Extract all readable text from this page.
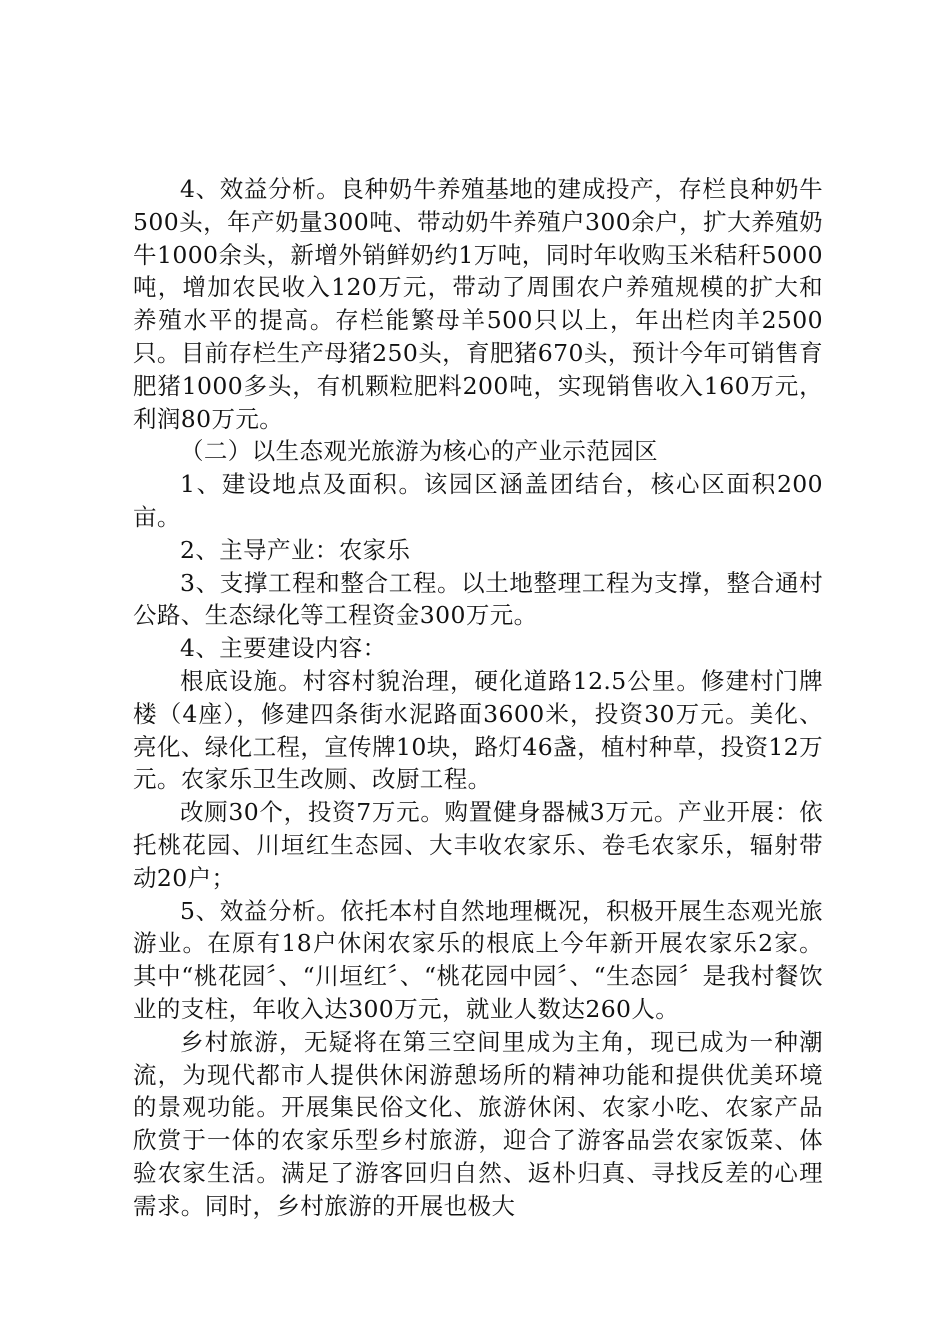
4、效益分析。良种奶牛养殖基地的建成投产，存栏良种奶牛500头，年产奶量300吨、带动奶牛养殖户300余户，扩大养殖奶牛1000余头，新增外销鲜奶约1万吨，同时年收购玉米秸秆5000吨，增加农民收入120万元，带动了周围农户养殖规模的扩大和养殖水平的提高。存栏能繁母羊500只以上，年出栏肉羊2500只。目前存栏生产母猪250头，育肥猪670头，预计今年可销售育肥猪1000多头，有机颗粒肥料200吨，实现销售收入160万元，利润80万元。

（二）以生态观光旅游为核心的产业示范园区

1、建设地点及面积。该园区涵盖团结台，核心区面积200亩。

2、主导产业：农家乐

3、支撑工程和整合工程。以土地整理工程为支撑，整合通村公路、生态绿化等工程资金300万元。

4、主要建设内容：

根底设施。村容村貌治理，硬化道路12.5公里。修建村门牌楼（4座），修建四条街水泥路面3600米，投资30万元。美化、亮化、绿化工程，宣传牌10块，路灯46盏，植村种草，投资12万元。农家乐卫生改厕、改厨工程。

改厕30个，投资7万元。购置健身器械3万元。产业开展：依托桃花园、川垣红生态园、大丰收农家乐、卷毛农家乐，辐射带动20户；

5、效益分析。依托本村自然地理概况，积极开展生态观光旅游业。在原有18户休闲农家乐的根底上今年新开展农家乐2家。其中“桃花园〞、“川垣红〞、“桃花园中园〞、“生态园〞是我村餐饮业的支柱，年收入达300万元，就业人数达260人。

乡村旅游，无疑将在第三空间里成为主角，现已成为一种潮流，为现代都市人提供休闲游憩场所的精神功能和提供优美环境的景观功能。开展集民俗文化、旅游休闲、农家小吃、农家产品欣赏于一体的农家乐型乡村旅游，迎合了游客品尝农家饭菜、体验农家生活。满足了游客回归自然、返朴归真、寻找反差的心理需求。同时，乡村旅游的开展也极大
